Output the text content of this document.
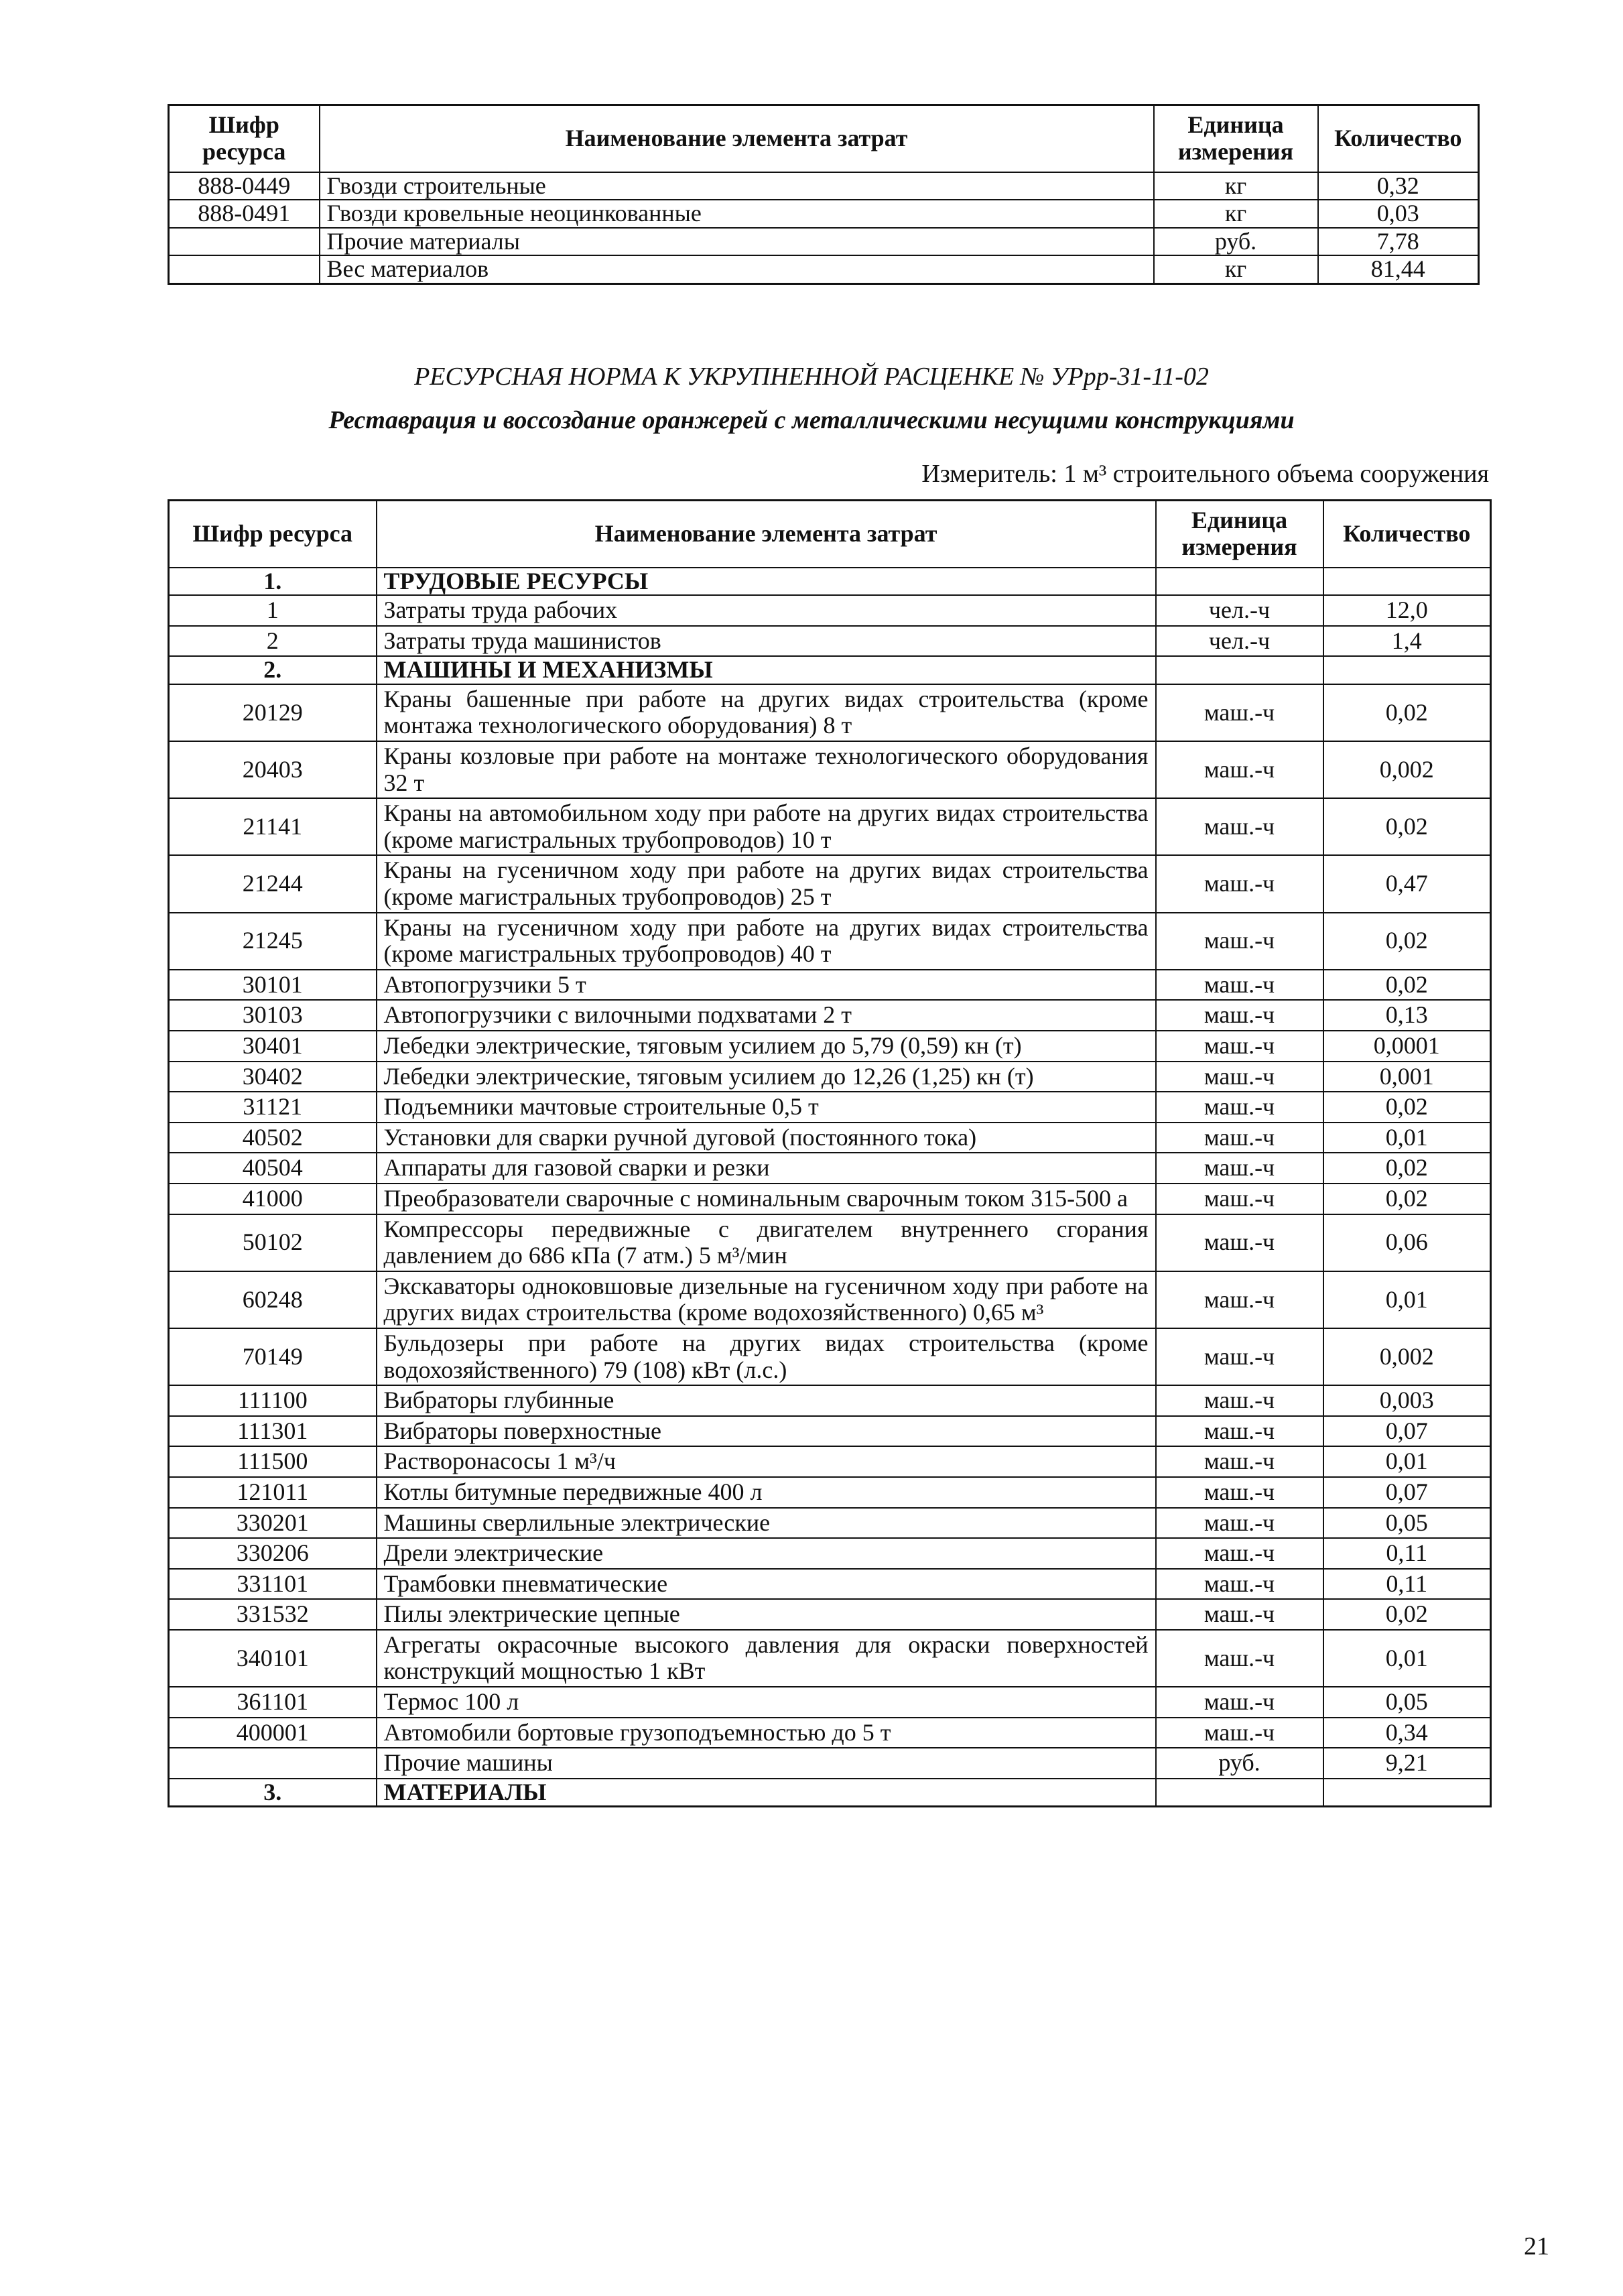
Шифр ресурса	Наименование элемента затрат	Единица измерения	Количество
888-0449	Гвозди строительные	кг	0,32
888-0491	Гвозди кровельные неоцинкованные	кг	0,03
	Прочие материалы	руб.	7,78
	Вес материалов	кг	81,44
РЕСУРСНАЯ НОРМА К УКРУПНЕННОЙ РАСЦЕНКЕ № УРрр-31-11-02
Реставрация и воссоздание оранжерей с металлическими несущими конструкциями
Измеритель: 1 м³ строительного объема сооружения
Шифр ресурса	Наименование элемента затрат	Единица измерения	Количество
1.	ТРУДОВЫЕ РЕСУРСЫ		
1	Затраты труда рабочих	чел.-ч	12,0
2	Затраты труда машинистов	чел.-ч	1,4
2.	МАШИНЫ И МЕХАНИЗМЫ		
20129	Краны башенные при работе на других видах строительства (кроме монтажа технологического оборудования) 8 т	маш.-ч	0,02
20403	Краны козловые при работе на монтаже технологического оборудования 32 т	маш.-ч	0,002
21141	Краны на автомобильном ходу при работе на других видах строительства (кроме магистральных трубопроводов) 10 т	маш.-ч	0,02
21244	Краны на гусеничном ходу при работе на других видах строительства (кроме магистральных трубопроводов) 25 т	маш.-ч	0,47
21245	Краны на гусеничном ходу при работе на других видах строительства (кроме магистральных трубопроводов) 40 т	маш.-ч	0,02
30101	Автопогрузчики 5 т	маш.-ч	0,02
30103	Автопогрузчики с вилочными подхватами 2 т	маш.-ч	0,13
30401	Лебедки электрические, тяговым усилием до 5,79 (0,59) кн (т)	маш.-ч	0,0001
30402	Лебедки электрические, тяговым усилием до 12,26 (1,25) кн (т)	маш.-ч	0,001
31121	Подъемники мачтовые строительные 0,5 т	маш.-ч	0,02
40502	Установки для сварки ручной дуговой (постоянного тока)	маш.-ч	0,01
40504	Аппараты для газовой сварки и резки	маш.-ч	0,02
41000	Преобразователи сварочные с номинальным сварочным током 315-500 а	маш.-ч	0,02
50102	Компрессоры передвижные с двигателем внутреннего сгорания давлением до 686 кПа (7 атм.) 5 м³/мин	маш.-ч	0,06
60248	Экскаваторы одноковшовые дизельные на гусеничном ходу при работе на других видах строительства (кроме водохозяйственного) 0,65 м³	маш.-ч	0,01
70149	Бульдозеры при работе на других видах строительства (кроме водохозяйственного) 79 (108) кВт (л.с.)	маш.-ч	0,002
111100	Вибраторы глубинные	маш.-ч	0,003
111301	Вибраторы поверхностные	маш.-ч	0,07
111500	Растворонасосы 1 м³/ч	маш.-ч	0,01
121011	Котлы битумные передвижные 400 л	маш.-ч	0,07
330201	Машины сверлильные электрические	маш.-ч	0,05
330206	Дрели электрические	маш.-ч	0,11
331101	Трамбовки пневматические	маш.-ч	0,11
331532	Пилы электрические цепные	маш.-ч	0,02
340101	Агрегаты окрасочные высокого давления для окраски поверхностей конструкций мощностью 1 кВт	маш.-ч	0,01
361101	Термос 100 л	маш.-ч	0,05
400001	Автомобили бортовые грузоподъемностью до 5 т	маш.-ч	0,34
	Прочие машины	руб.	9,21
3.	МАТЕРИАЛЫ		
21
